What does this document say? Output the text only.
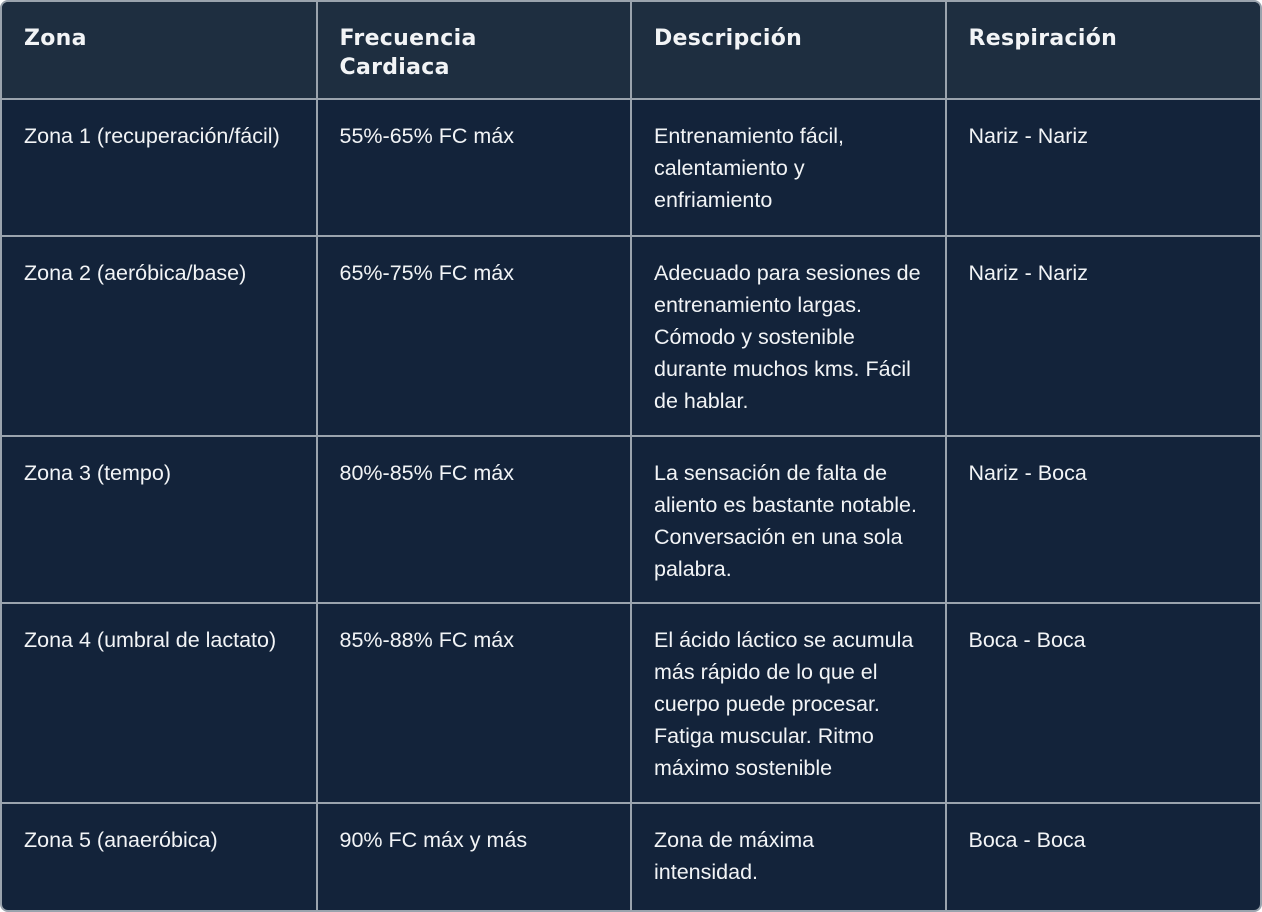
Zona	Frecuencia Cardiaca	Descripción	Respiración
Zona 1 (recuperación/fácil)	55%-65% FC máx	Entrenamiento fácil, calentamiento y enfriamiento	Nariz - Nariz
Zona 2 (aeróbica/base)	65%-75% FC máx	Adecuado para sesiones de entrenamiento largas. Cómodo y sostenible durante muchos kms. Fácil de hablar.	Nariz - Nariz
Zona 3 (tempo)	80%-85% FC máx	La sensación de falta de aliento es bastante notable. Conversación en una sola palabra.	Nariz - Boca
Zona 4 (umbral de lactato)	85%-88% FC máx	El ácido láctico se acumula más rápido de lo que el cuerpo puede procesar. Fatiga muscular. Ritmo máximo sostenible	Boca - Boca
Zona 5 (anaeróbica)	90% FC máx y más	Zona de máxima intensidad.	Boca - Boca
